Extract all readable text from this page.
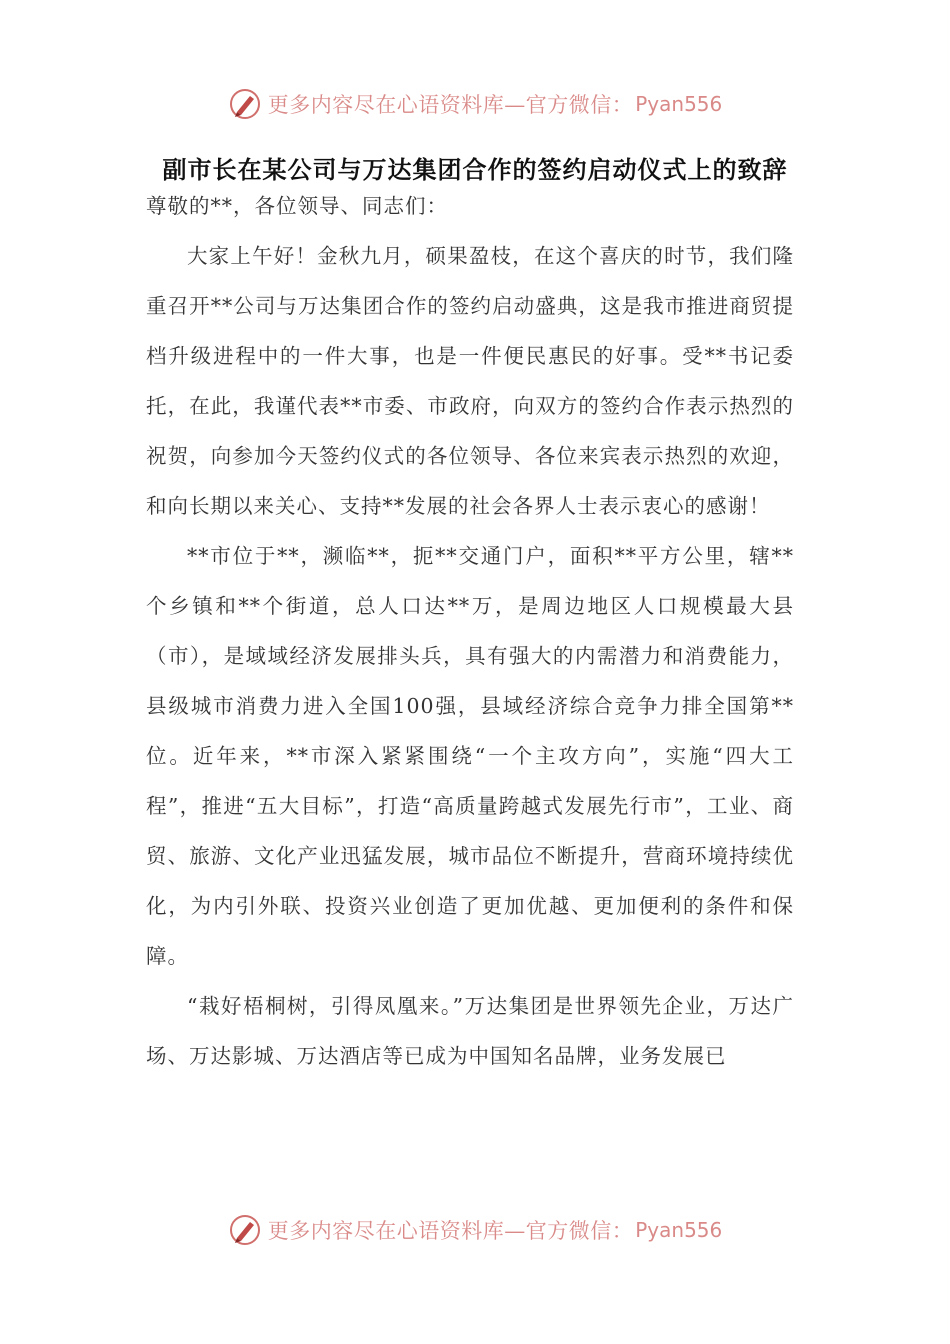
更多内容尽在心语资料库—官方微信： Pyan556
副市长在某公司与万达集团合作的签约启动仪式上的致辞

尊敬的**，各位领导、同志们：

大家上午好！金秋九月，硕果盈枝，在这个喜庆的时节，我们隆重召开**公司与万达集团合作的签约启动盛典，这是我市推进商贸提档升级进程中的一件大事，也是一件便民惠民的好事。受**书记委托，在此，我谨代表**市委、市政府，向双方的签约合作表示热烈的祝贺，向参加今天签约仪式的各位领导、各位来宾表示热烈的欢迎，和向长期以来关心、支持**发展的社会各界人士表示衷心的感谢！

**市位于**，濒临**，扼**交通门户，面积**平方公里，辖**个乡镇和**个街道，总人口达**万，是周边地区人口规模最大县（市），是域域经济发展排头兵，具有强大的内需潜力和消费能力，县级城市消费力进入全国100强，县域经济综合竞争力排全国第**位。近年来，**市深入紧紧围绕“一个主攻方向”，实施“四大工程”，推进“五大目标”，打造“高质量跨越式发展先行市”，工业、商贸、旅游、文化产业迅猛发展，城市品位不断提升，营商环境持续优化，为内引外联、投资兴业创造了更加优越、更加便利的条件和保障。

“栽好梧桐树，引得凤凰来。”万达集团是世界领先企业，万达广场、万达影城、万达酒店等已成为中国知名品牌，业务发展已

更多内容尽在心语资料库—官方微信： Pyan556
